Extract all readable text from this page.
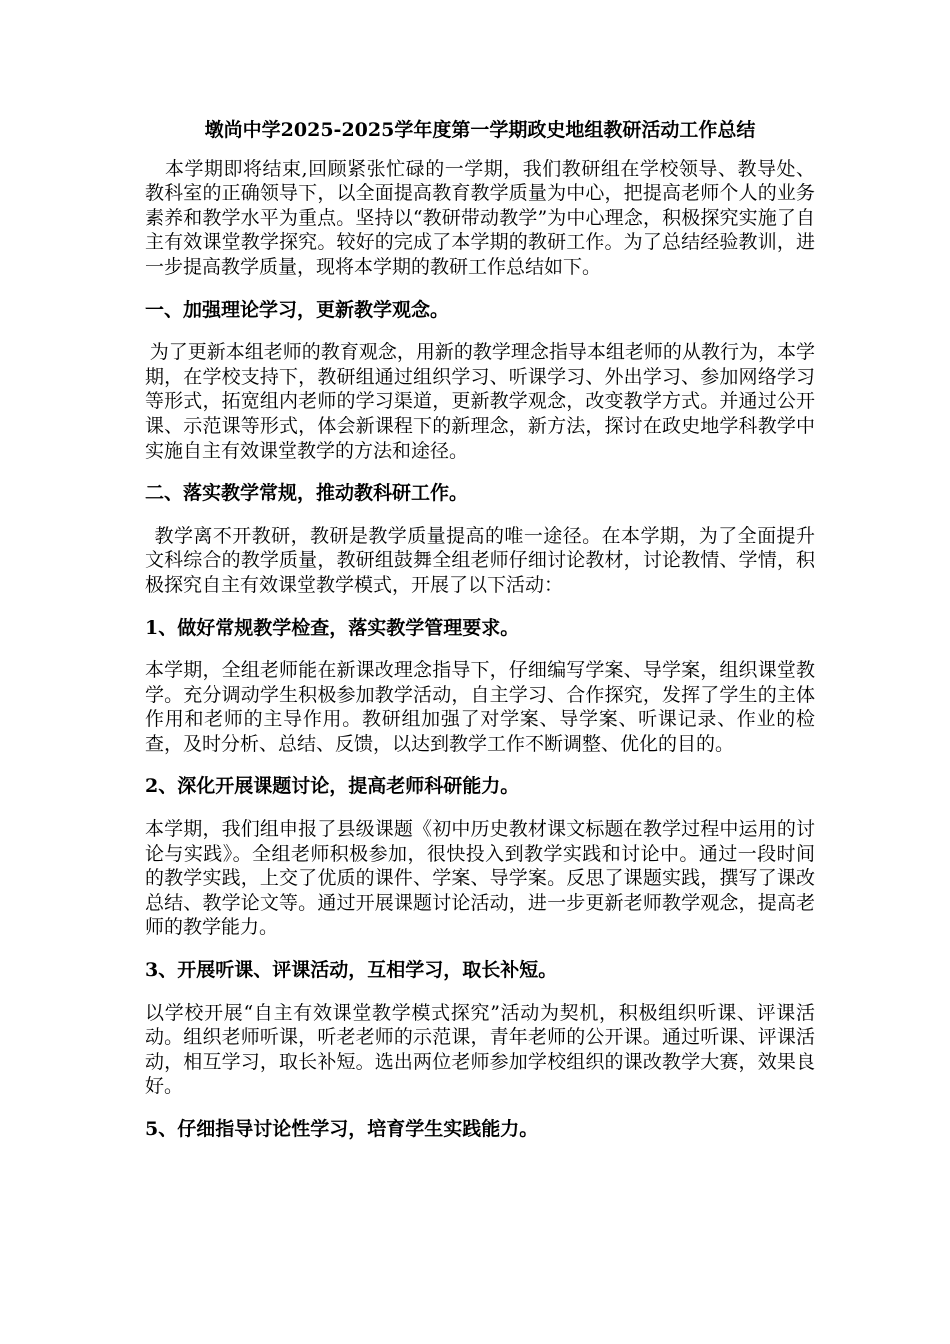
墩尚中学2025-2025学年度第一学期政史地组教研活动工作总结
本学期即将结束,回顾紧张忙碌的一学期，我们教研组在学校领导、教导处、教科室的正确领导下，以全面提高教育教学质量为中心，把提高老师个人的业务素养和教学水平为重点。坚持以“教研带动教学”为中心理念，积极探究实施了自主有效课堂教学探究。较好的完成了本学期的教研工作。为了总结经验教训，进一步提高教学质量，现将本学期的教研工作总结如下。
一、加强理论学习，更新教学观念。
为了更新本组老师的教育观念，用新的教学理念指导本组老师的从教行为，本学期，在学校支持下，教研组通过组织学习、听课学习、外出学习、参加网络学习等形式，拓宽组内老师的学习渠道，更新教学观念，改变教学方式。并通过公开课、示范课等形式，体会新课程下的新理念，新方法，探讨在政史地学科教学中实施自主有效课堂教学的方法和途径。
二、落实教学常规，推动教科研工作。
教学离不开教研，教研是教学质量提高的唯一途径。在本学期，为了全面提升文科综合的教学质量，教研组鼓舞全组老师仔细讨论教材，讨论教情、学情，积极探究自主有效课堂教学模式，开展了以下活动：
1、做好常规教学检查，落实教学管理要求。
本学期，全组老师能在新课改理念指导下，仔细编写学案、导学案，组织课堂教学。充分调动学生积极参加教学活动，自主学习、合作探究，发挥了学生的主体作用和老师的主导作用。教研组加强了对学案、导学案、听课记录、作业的检查，及时分析、总结、反馈，以达到教学工作不断调整、优化的目的。
2、深化开展课题讨论，提高老师科研能力。
本学期，我们组申报了县级课题《初中历史教材课文标题在教学过程中运用的讨论与实践》。全组老师积极参加，很快投入到教学实践和讨论中。通过一段时间的教学实践，上交了优质的课件、学案、导学案。反思了课题实践，撰写了课改总结、教学论文等。通过开展课题讨论活动，进一步更新老师教学观念，提高老师的教学能力。
3、开展听课、评课活动，互相学习，取长补短。
以学校开展“自主有效课堂教学模式探究”活动为契机，积极组织听课、评课活动。组织老师听课，听老老师的示范课，青年老师的公开课。通过听课、评课活动，相互学习，取长补短。选出两位老师参加学校组织的课改教学大赛，效果良好。
5、仔细指导讨论性学习，培育学生实践能力。
